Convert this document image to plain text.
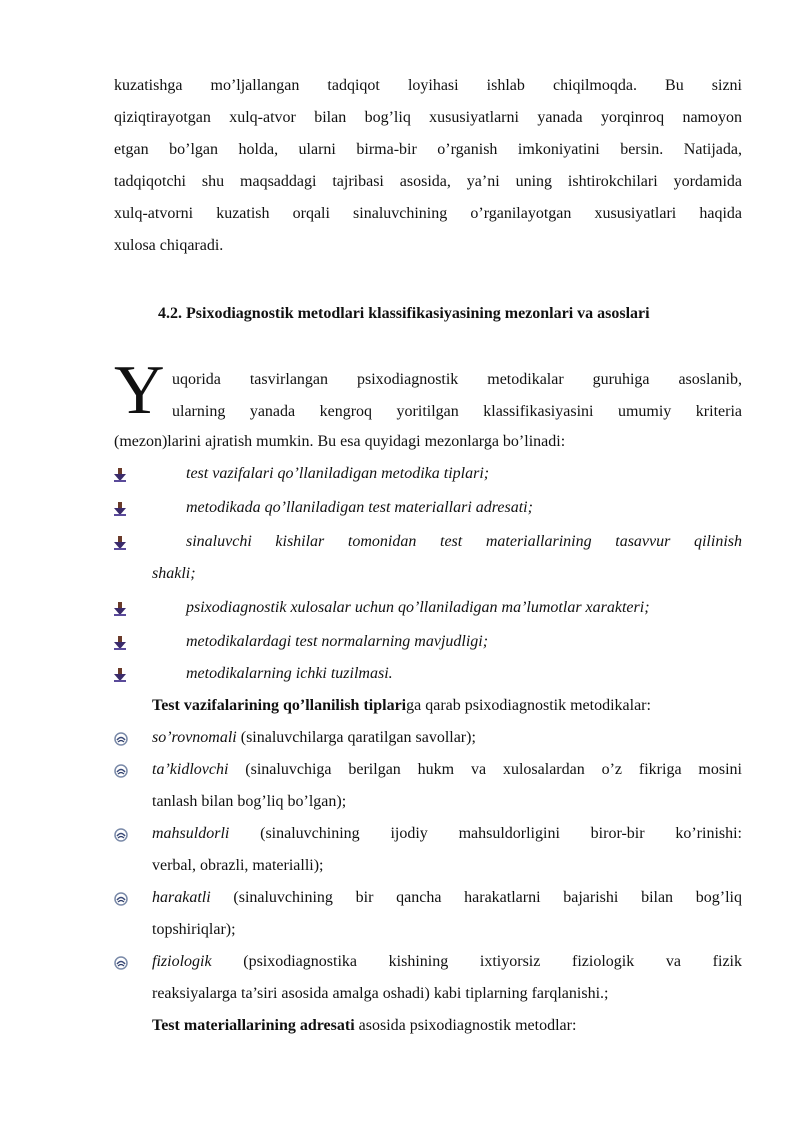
kuzatishga mo’ljallangan tadqiqot loyihasi ishlab chiqilmoqda. Bu sizni
qiziqtirayotgan xulq-atvor bilan bog’liq xususiyatlarni yanada yorqinroq namoyon
etgan bo’lgan holda, ularni birma-bir o’rganish imkoniyatini bersin. Natijada,
tadqiqotchi shu maqsaddagi tajribasi asosida, ya’ni uning ishtirokchilari yordamida
xulq-atvorni kuzatish orqali sinaluvchining o’rganilayotgan xususiyatlari haqida
xulosa chiqaradi.
4.2. Psixodiagnostik metodlari klassifikasiyasining mezonlari va asoslari
Y uqorida tasvirlangan psixodiagnostik metodikalar guruhiga asoslanib,
ularning yanada kengroq yoritilgan klassifikasiyasini umumiy kriteria
(mezon)larini ajratish mumkin. Bu esa quyidagi mezonlarga bo’linadi:
test vazifalari qo’llaniladigan metodika tiplari;
metodikada qo’llaniladigan test materiallari adresati;
sinaluvchi kishilar tomonidan test materiallarining tasavvur qilinish
shakli;
psixodiagnostik xulosalar uchun qo’llaniladigan ma’lumotlar xarakteri;
metodikalardagi test normalarning mavjudligi;
metodikalarning ichki tuzilmasi.
Test vazifalarining qo’llanilish tiplariga qarab psixodiagnostik metodikalar:
so’rovnomali (sinaluvchilarga qaratilgan savollar);
ta’kidlovchi (sinaluvchiga berilgan hukm va xulosalardan o’z fikriga mosini
tanlash bilan bog’liq bo’lgan);
mahsuldorli (sinaluvchining ijodiy mahsuldorligini biror-bir ko’rinishi:
verbal, obrazli, materialli);
harakatli (sinaluvchining bir qancha harakatlarni bajarishi bilan bog’liq
topshiriqlar);
fiziologik (psixodiagnostika kishining ixtiyorsiz fiziologik va fizik
reaksiyalarga ta’siri asosida amalga oshadi) kabi tiplarning farqlanishi.;
Test materiallarining adresati asosida psixodiagnostik metodlar:
